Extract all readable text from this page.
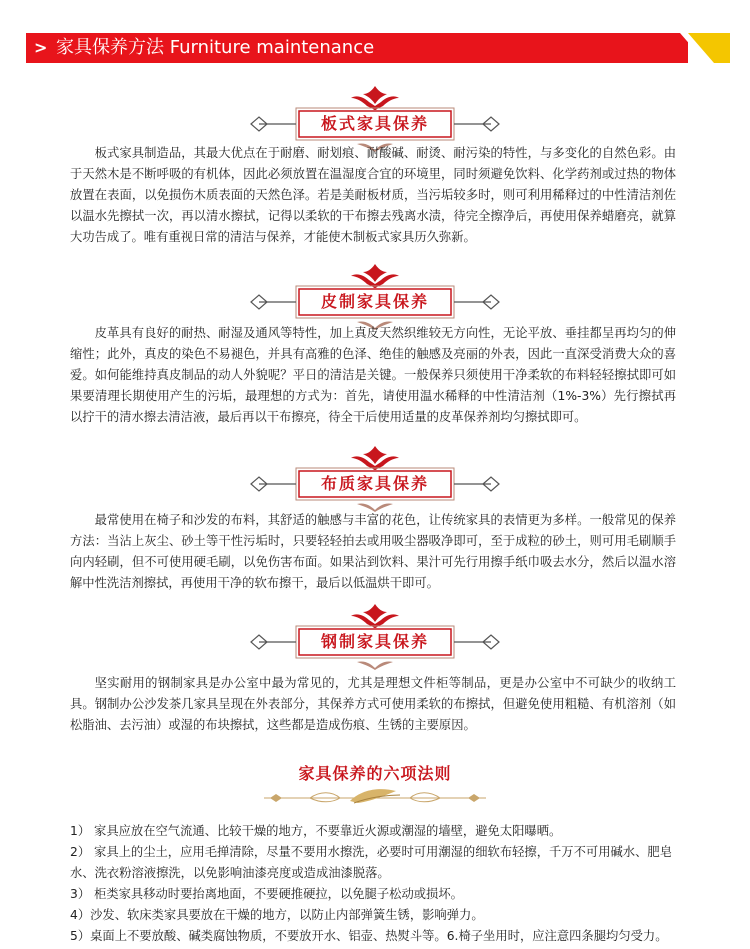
> 家具保养方法 Furniture maintenance
板式家具保养

板式家具制造品，其最大优点在于耐磨、耐划痕、耐酸碱、耐烫、耐污染的特性，与多变化的自然色彩。由于天然木是不断呼吸的有机体，因此必须放置在温湿度合宜的环境里，同时须避免饮料、化学药剂或过热的物体放置在表面，以免损伤木质表面的天然色泽。若是美耐板材质，当污垢较多时，则可利用稀释过的中性清洁剂佐以温水先擦拭一次，再以清水擦拭，记得以柔软的干布擦去残离水渍，待完全擦净后，再使用保养蜡磨亮，就算大功告成了。唯有重视日常的清洁与保养，才能使木制板式家具历久弥新。

皮制家具保养

皮革具有良好的耐热、耐湿及通风等特性，加上真皮天然织维较无方向性，无论平放、垂挂都呈再均匀的伸缩性；此外，真皮的染色不易褪色，并具有高雅的色泽、绝佳的触感及亮丽的外表，因此一直深受消费大众的喜爱。如何能维持真皮制品的动人外貌呢？平日的清洁是关键。一般保养只须使用干净柔软的布料轻轻擦拭即可如果要清理长期使用产生的污垢，最理想的方式为：首先，请使用温水稀释的中性清洁剂（1%-3%）先行擦拭再以拧干的清水擦去清洁液，最后再以干布擦亮，待全干后使用适量的皮革保养剂均匀擦拭即可。

布质家具保养

最常使用在椅子和沙发的布料，其舒适的触感与丰富的花色，让传统家具的表情更为多样。一般常见的保养方法：当沾上灰尘、砂土等干性污垢时，只要轻轻拍去或用吸尘器吸净即可，至于成粒的砂土，则可用毛刷顺手向内轻刷，但不可使用硬毛刷，以免伤害布面。如果沾到饮料、果汁可先行用擦手纸巾吸去水分，然后以温水溶解中性洗洁剂擦拭，再使用干净的软布擦干，最后以低温烘干即可。

钢制家具保养

坚实耐用的钢制家具是办公室中最为常见的，尤其是理想文件柜等制品，更是办公室中不可缺少的收纳工具。钢制办公沙发茶几家具呈现在外表部分，其保养方式可使用柔软的布擦拭，但避免使用粗糙、有机溶剂（如松脂油、去污油）或湿的布块擦拭，这些都是造成伤痕、生锈的主要原因。

家具保养的六项法则
1） 家具应放在空气流通、比较干燥的地方，不要靠近火源或潮湿的墙壁，避免太阳曝晒。
2） 家具上的尘土，应用毛掸清除，尽量不要用水擦洗，必要时可用潮湿的细软布轻擦，千万不可用碱水、肥皂水、洗衣粉溶液擦洗，以免影响油漆亮度或造成油漆脱落。
3） 柜类家具移动时要抬离地面，不要硬推硬拉，以免腿子松动或损坏。
4）沙发、软床类家具要放在干燥的地方，以防止内部弹簧生锈，影响弹力。
5）桌面上不要放酸、碱类腐蚀物质，不要放开水、铝壶、热熨斗等。6.椅子坐用时，应注意四条腿均匀受力。
